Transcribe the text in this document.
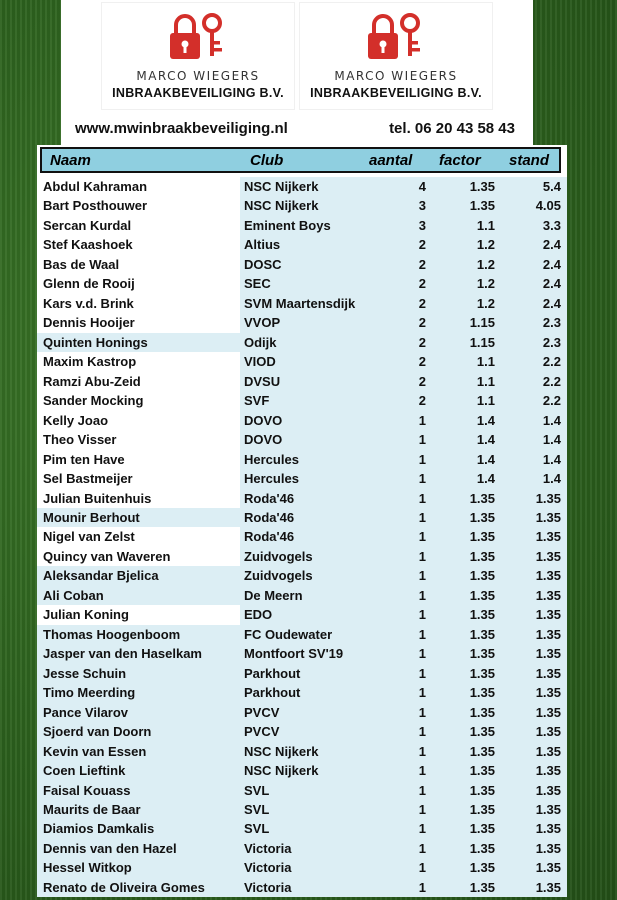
MARCO WIEGERS
INBRAAKBEVEILIGING B.V.
MARCO WIEGERS
INBRAAKBEVEILIGING B.V.
www.mwinbraakbeveiliging.nl	tel. 06 20 43 58 43
Naam	Club	aantal factor stand
Abdul Kahraman	NSC Nijkerk	4	1.35	5.4
Bart Posthouwer	NSC Nijkerk	3	1.35	4.05
Sercan Kurdal	Eminent Boys	3	1.1	3.3
Stef Kaashoek	Altius	2	1.2	2.4
Bas de Waal	DOSC	2	1.2	2.4
Glenn de Rooij	SEC	2	1.2	2.4
Kars v.d. Brink	SVM Maartensdijk	2	1.2	2.4
Dennis Hooijer	VVOP	2	1.15	2.3
Quinten Honings	Odijk	2	1.15	2.3
Maxim Kastrop	VIOD	2	1.1	2.2
Ramzi Abu-Zeid	DVSU	2	1.1	2.2
Sander Mocking	SVF	2	1.1	2.2
Kelly Joao	DOVO	1	1.4	1.4
Theo Visser	DOVO	1	1.4	1.4
Pim ten Have	Hercules	1	1.4	1.4
Sel Bastmeijer	Hercules	1	1.4	1.4
Julian Buitenhuis	Roda'46	1	1.35	1.35
Mounir Berhout	Roda'46	1	1.35	1.35
Nigel van Zelst	Roda'46	1	1.35	1.35
Quincy van Waveren	Zuidvogels	1	1.35	1.35
Aleksandar Bjelica	Zuidvogels	1	1.35	1.35
Ali Coban	De Meern	1	1.35	1.35
Julian Koning	EDO	1	1.35	1.35
Thomas Hoogenboom	FC Oudewater	1	1.35	1.35
Jasper van den Haselkam	Montfoort SV'19	1	1.35	1.35
Jesse Schuin	Parkhout	1	1.35	1.35
Timo Meerding	Parkhout	1	1.35	1.35
Pance Vilarov	PVCV	1	1.35	1.35
Sjoerd van Doorn	PVCV	1	1.35	1.35
Kevin van Essen	NSC Nijkerk	1	1.35	1.35
Coen Lieftink	NSC Nijkerk	1	1.35	1.35
Faisal Kouass	SVL	1	1.35	1.35
Maurits de Baar	SVL	1	1.35	1.35
Diamios Damkalis	SVL	1	1.35	1.35
Dennis van den Hazel	Victoria	1	1.35	1.35
Hessel Witkop	Victoria	1	1.35	1.35
Renato de Oliveira Gomes	Victoria	1	1.35	1.35
